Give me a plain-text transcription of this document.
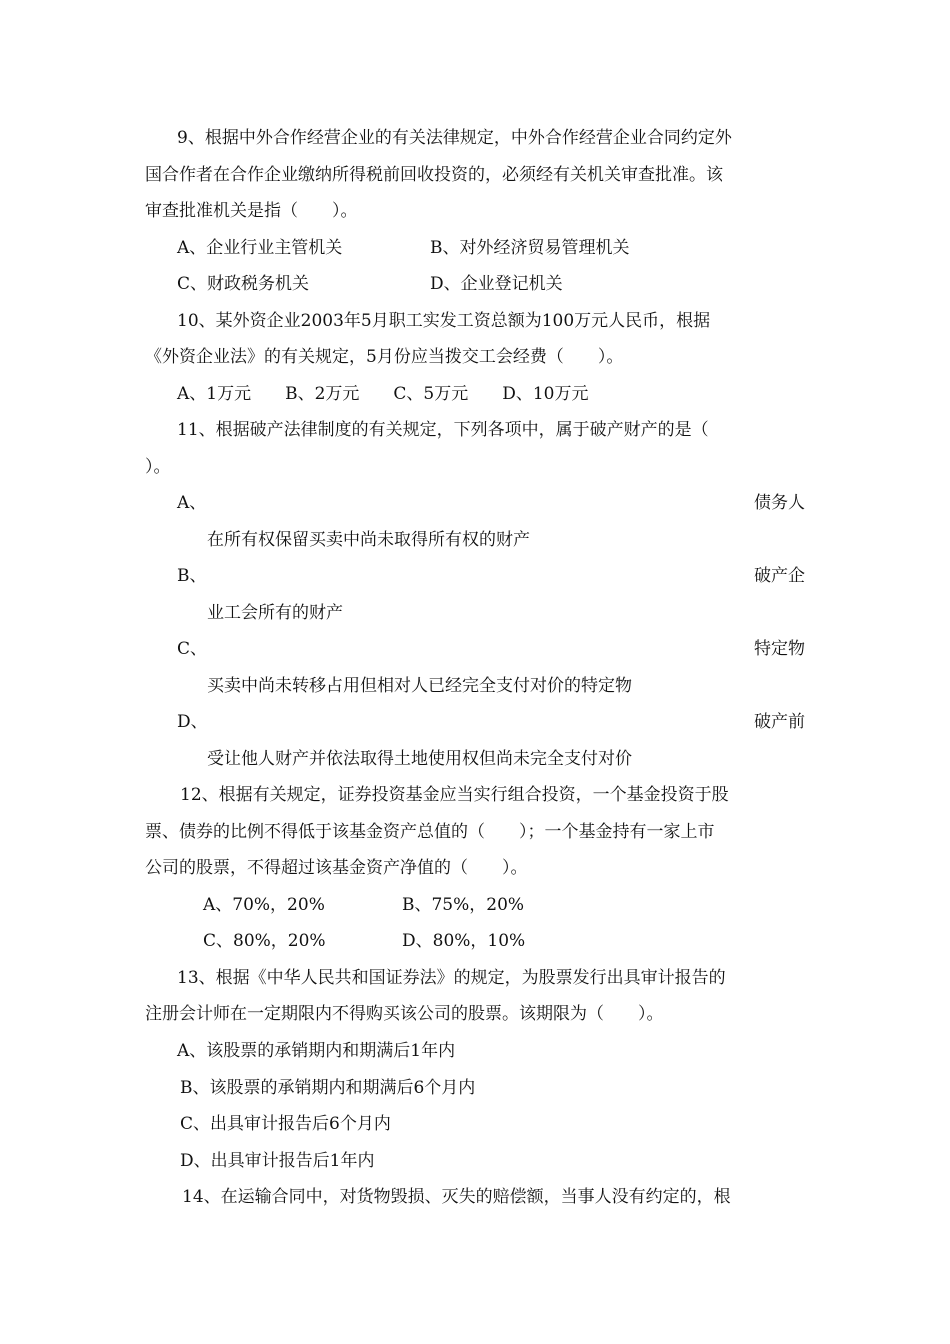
9、根据中外合作经营企业的有关法律规定，中外合作经营企业合同约定外
国合作者在合作企业缴纳所得税前回收投资的，必须经有关机关审查批准。该
审查批准机关是指（　　）。
A、企业行业主管机关	B、对外经济贸易管理机关
C、财政税务机关	D、企业登记机关
10、某外资企业2003年5月职工实发工资总额为100万元人民币，根据
《外资企业法》的有关规定，5月份应当拨交工会经费（　　）。
A、1万元　　B、2万元　　C、5万元　　D、10万元
11、根据破产法律制度的有关规定，下列各项中，属于破产财产的是（
）。
A、	债务人
在所有权保留买卖中尚未取得所有权的财产
B、	破产企
业工会所有的财产
C、	特定物
买卖中尚未转移占用但相对人已经完全支付对价的特定物
D、	破产前
受让他人财产并依法取得土地使用权但尚未完全支付对价
12、根据有关规定，证券投资基金应当实行组合投资，一个基金投资于股
票、债券的比例不得低于该基金资产总值的（　　）；一个基金持有一家上市
公司的股票，不得超过该基金资产净值的（　　）。
A、70%，20%	B、75%，20%
C、80%，20%	D、80%，10%
13、根据《中华人民共和国证券法》的规定，为股票发行出具审计报告的
注册会计师在一定期限内不得购买该公司的股票。该期限为（　　）。
A、该股票的承销期内和期满后1年内
B、该股票的承销期内和期满后6个月内
C、出具审计报告后6个月内
D、出具审计报告后1年内
14、在运输合同中，对货物毁损、灭失的赔偿额，当事人没有约定的，根
